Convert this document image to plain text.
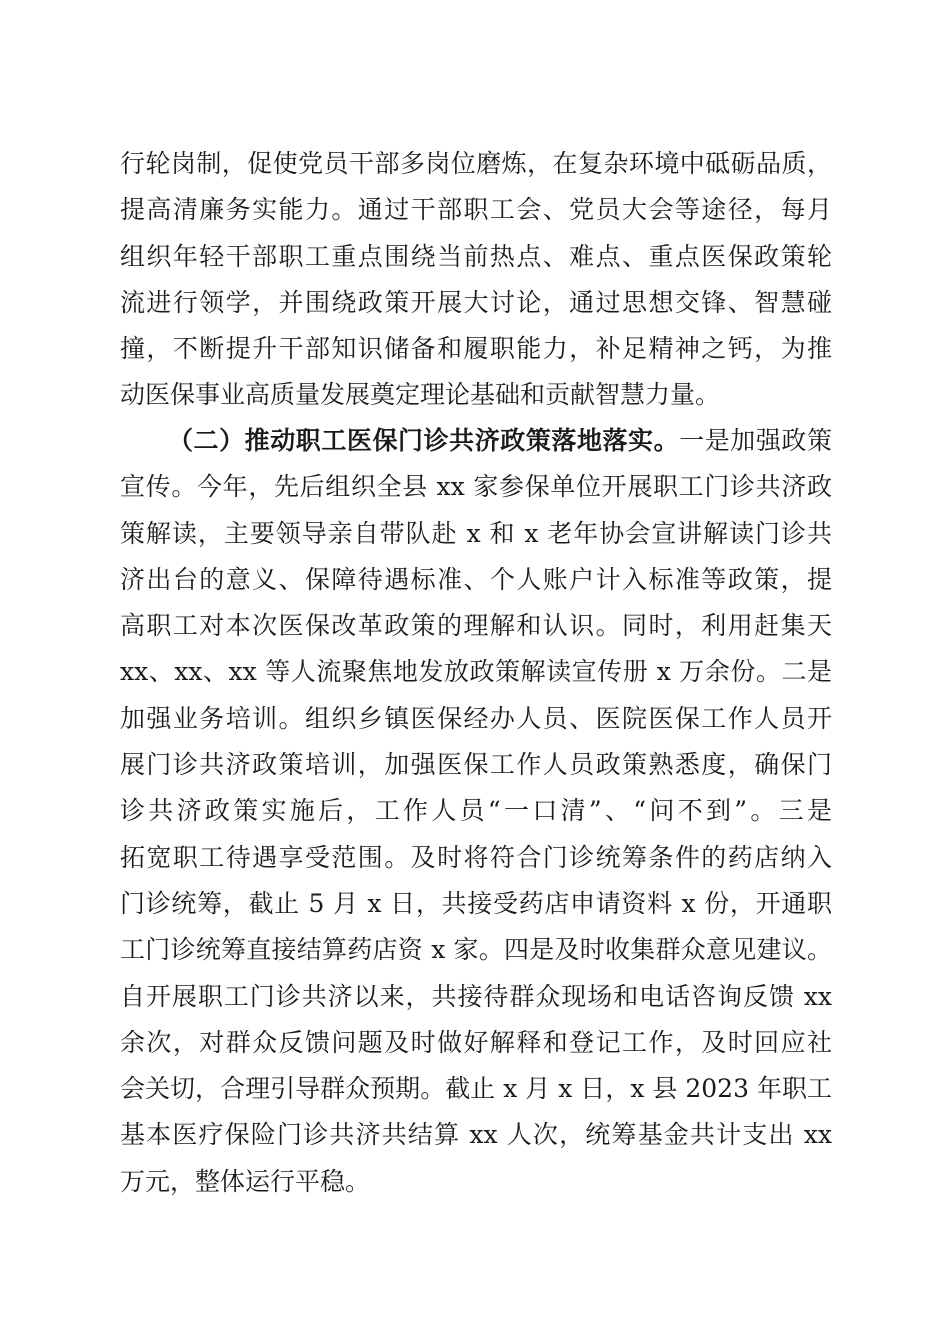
行轮岗制，促使党员干部多岗位磨炼，在复杂环境中砥砺品质，
提高清廉务实能力。通过干部职工会、党员大会等途径，每月
组织年轻干部职工重点围绕当前热点、难点、重点医保政策轮
流进行领学，并围绕政策开展大讨论，通过思想交锋、智慧碰
撞，不断提升干部知识储备和履职能力，补足精神之钙，为推
动医保事业高质量发展奠定理论基础和贡献智慧力量。
（二）推动职工医保门诊共济政策落地落实。一是加强政策
宣传。今年，先后组织全县 xx 家参保单位开展职工门诊共济政
策解读，主要领导亲自带队赴 x 和 x 老年协会宣讲解读门诊共
济出台的意义、保障待遇标准、个人账户计入标准等政策，提
高职工对本次医保改革政策的理解和认识。同时，利用赶集天
xx、xx、xx 等人流聚焦地发放政策解读宣传册 x 万余份。二是
加强业务培训。组织乡镇医保经办人员、医院医保工作人员开
展门诊共济政策培训，加强医保工作人员政策熟悉度，确保门
诊共济政策实施后，工作人员“一口清”、“问不到”。三是
拓宽职工待遇享受范围。及时将符合门诊统筹条件的药店纳入
门诊统筹，截止 5 月 x 日，共接受药店申请资料 x 份，开通职
工门诊统筹直接结算药店资 x 家。四是及时收集群众意见建议。
自开展职工门诊共济以来，共接待群众现场和电话咨询反馈 xx
余次，对群众反馈问题及时做好解释和登记工作，及时回应社
会关切，合理引导群众预期。截止 x 月 x 日，x 县 2023 年职工
基本医疗保险门诊共济共结算 xx 人次，统筹基金共计支出 xx
万元，整体运行平稳。
